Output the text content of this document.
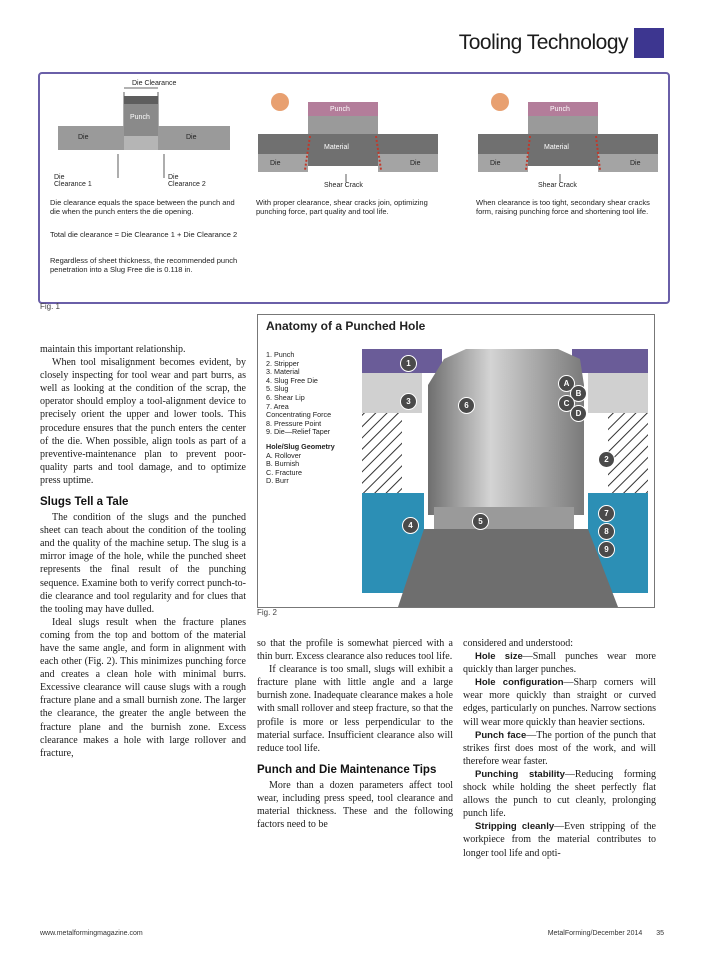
Tooling Technology
Die Clearance
Punch
Die	Die
Die
Clearance 1
Die
Clearance 2
Die clearance equals the space between the punch and die when the punch enters the die opening.
Total die clearance = Die Clearance 1 + Die Clearance 2
Regardless of sheet thickness, the recommended punch penetration into a Slug Free die is 0.118 in.
Punch
Material
Die	Die
Shear Crack
With proper clearance, shear cracks join, optimizing punching force, part quality and tool life.
Punch
Material
Die	Die
Shear Crack
When clearance is too tight, secondary shear cracks form, raising punching force and shortening tool life.
Fig. 1
Anatomy of a Punched Hole
1. Punch
2. Stripper
3. Material
4. Slug Free Die
5. Slug
6. Shear Lip
7. Area
Concentrating Force
8. Pressure Point
9. Die—Relief Taper
Hole/Slug Geometry
A. Rollover
B. Burnish
C. Fracture
D. Burr
1
2
3
4	5
6
7
8
9
A
B
C
D
Fig. 2

maintain this important relationship.

When tool misalignment becomes evident, by closely inspecting for tool wear and part burrs, as well as looking at the condition of the scrap, the operator should employ a tool-alignment device to precisely orient the upper and lower tools. This procedure ensures that the punch enters the center of the die. When possible, align tools as part of a preventive-maintenance plan to prevent poor-quality parts and tool damage, and to optimize press uptime.

Slugs Tell a Tale

The condition of the slugs and the punched sheet can teach about the condition of the tooling and the quality of the machine setup. The slug is a mirror image of the hole, while the punched sheet represents the final result of the punching sequence. Examine both to verify correct punch-to-die clearance and tool regularity and for clues that the tooling may have dulled.

Ideal slugs result when the fracture planes coming from the top and bottom of the material have the same angle, and form in alignment with each other (Fig. 2). This minimizes punching force and creates a clean hole with minimal burrs. Excessive clearance will cause slugs with a rough fracture plane and a small burnish zone. The larger the clearance, the greater the angle between the fracture plane and the burnish zone. Excess clearance makes a hole with large rollover and fracture,

so that the profile is somewhat pierced with a thin burr. Excess clearance also reduces tool life.

If clearance is too small, slugs will exhibit a fracture plane with little angle and a large burnish zone. Inadequate clearance makes a hole with small rollover and steep fracture, so that the profile is more or less perpendicular to the material surface. Insufficient clearance also will reduce tool life.

Punch and Die Maintenance Tips

More than a dozen parameters affect tool wear, including press speed, tool clearance and material thickness. These and the following factors need to be

considered and understood:

Hole size—Small punches wear more quickly than larger punches.

Hole configuration—Sharp corners will wear more quickly than straight or curved edges, particularly on punches. Narrow sections will wear more quickly than heavier sections.

Punch face—The portion of the punch that strikes first does most of the work, and will therefore wear faster.

Punching stability—Reducing forming shock while holding the sheet perfectly flat allows the punch to cut cleanly, prolonging punch life.

Stripping cleanly—Even stripping of the workpiece from the material contributes to longer tool life and opti-

www.metalformingmagazine.com	MetalForming/December 2014 35
